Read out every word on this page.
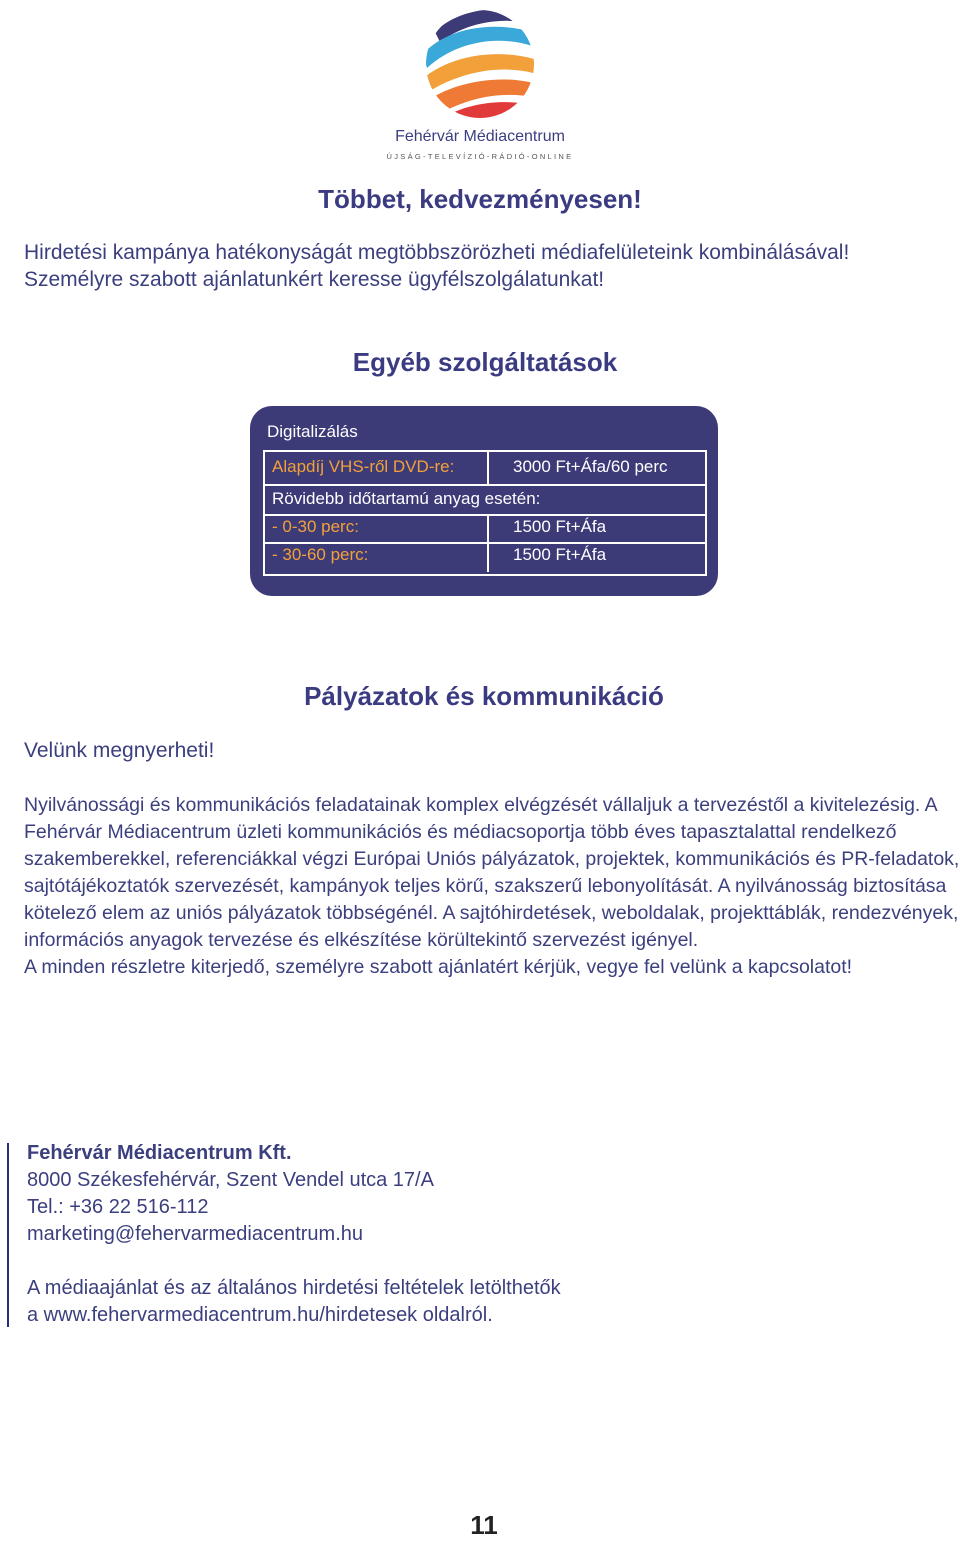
Fehérvár Médiacentrum
ÚJSÁG-TELEVÍZIÓ-RÁDIÓ-ONLINE
Többet, kedvezményesen!
Hirdetési kampánya hatékonyságát megtöbbszörözheti médiafelületeink kombinálásával!
Személyre szabott ajánlatunkért keresse ügyfélszolgálatunkat!
Egyéb szolgáltatások
Digitalizálás
Alapdíj VHS-ről DVD-re:	3000 Ft+Áfa/60 perc
Rövidebb időtartamú anyag esetén:
- 0-30 perc:	1500 Ft+Áfa
- 30-60 perc:	1500 Ft+Áfa
Pályázatok és kommunikáció
Velünk megnyerheti!

Nyilvánossági és kommunikációs feladatainak komplex elvégzését vállaljuk a tervezéstől a kivitelezésig. A Fehérvár Médiacentrum üzleti kommunikációs és médiacsoportja több éves tapasztalattal rendelkező szakemberekkel, referenciákkal végzi Európai Uniós pályázatok, projektek, kommunikációs és PR-feladatok, sajtótájékoztatók szervezését, kampányok teljes körű, szakszerű lebonyolítását. A nyilvánosság biztosítása kötelező elem az uniós pályázatok többségénél. A sajtóhirdetések, weboldalak, projekttáblák, rendezvények, információs anyagok tervezése és elkészítése körültekintő szervezést igényel.

A minden részletre kiterjedő, személyre szabott ajánlatért kérjük, vegye fel velünk a kapcsolatot!

Fehérvár Médiacentrum Kft.
8000 Székesfehérvár, Szent Vendel utca 17/A
Tel.: +36 22 516-112
marketing@fehervarmediacentrum.hu
A médiaajánlat és az általános hirdetési feltételek letölthetők
a www.fehervarmediacentrum.hu/hirdetesek oldalról.
11
